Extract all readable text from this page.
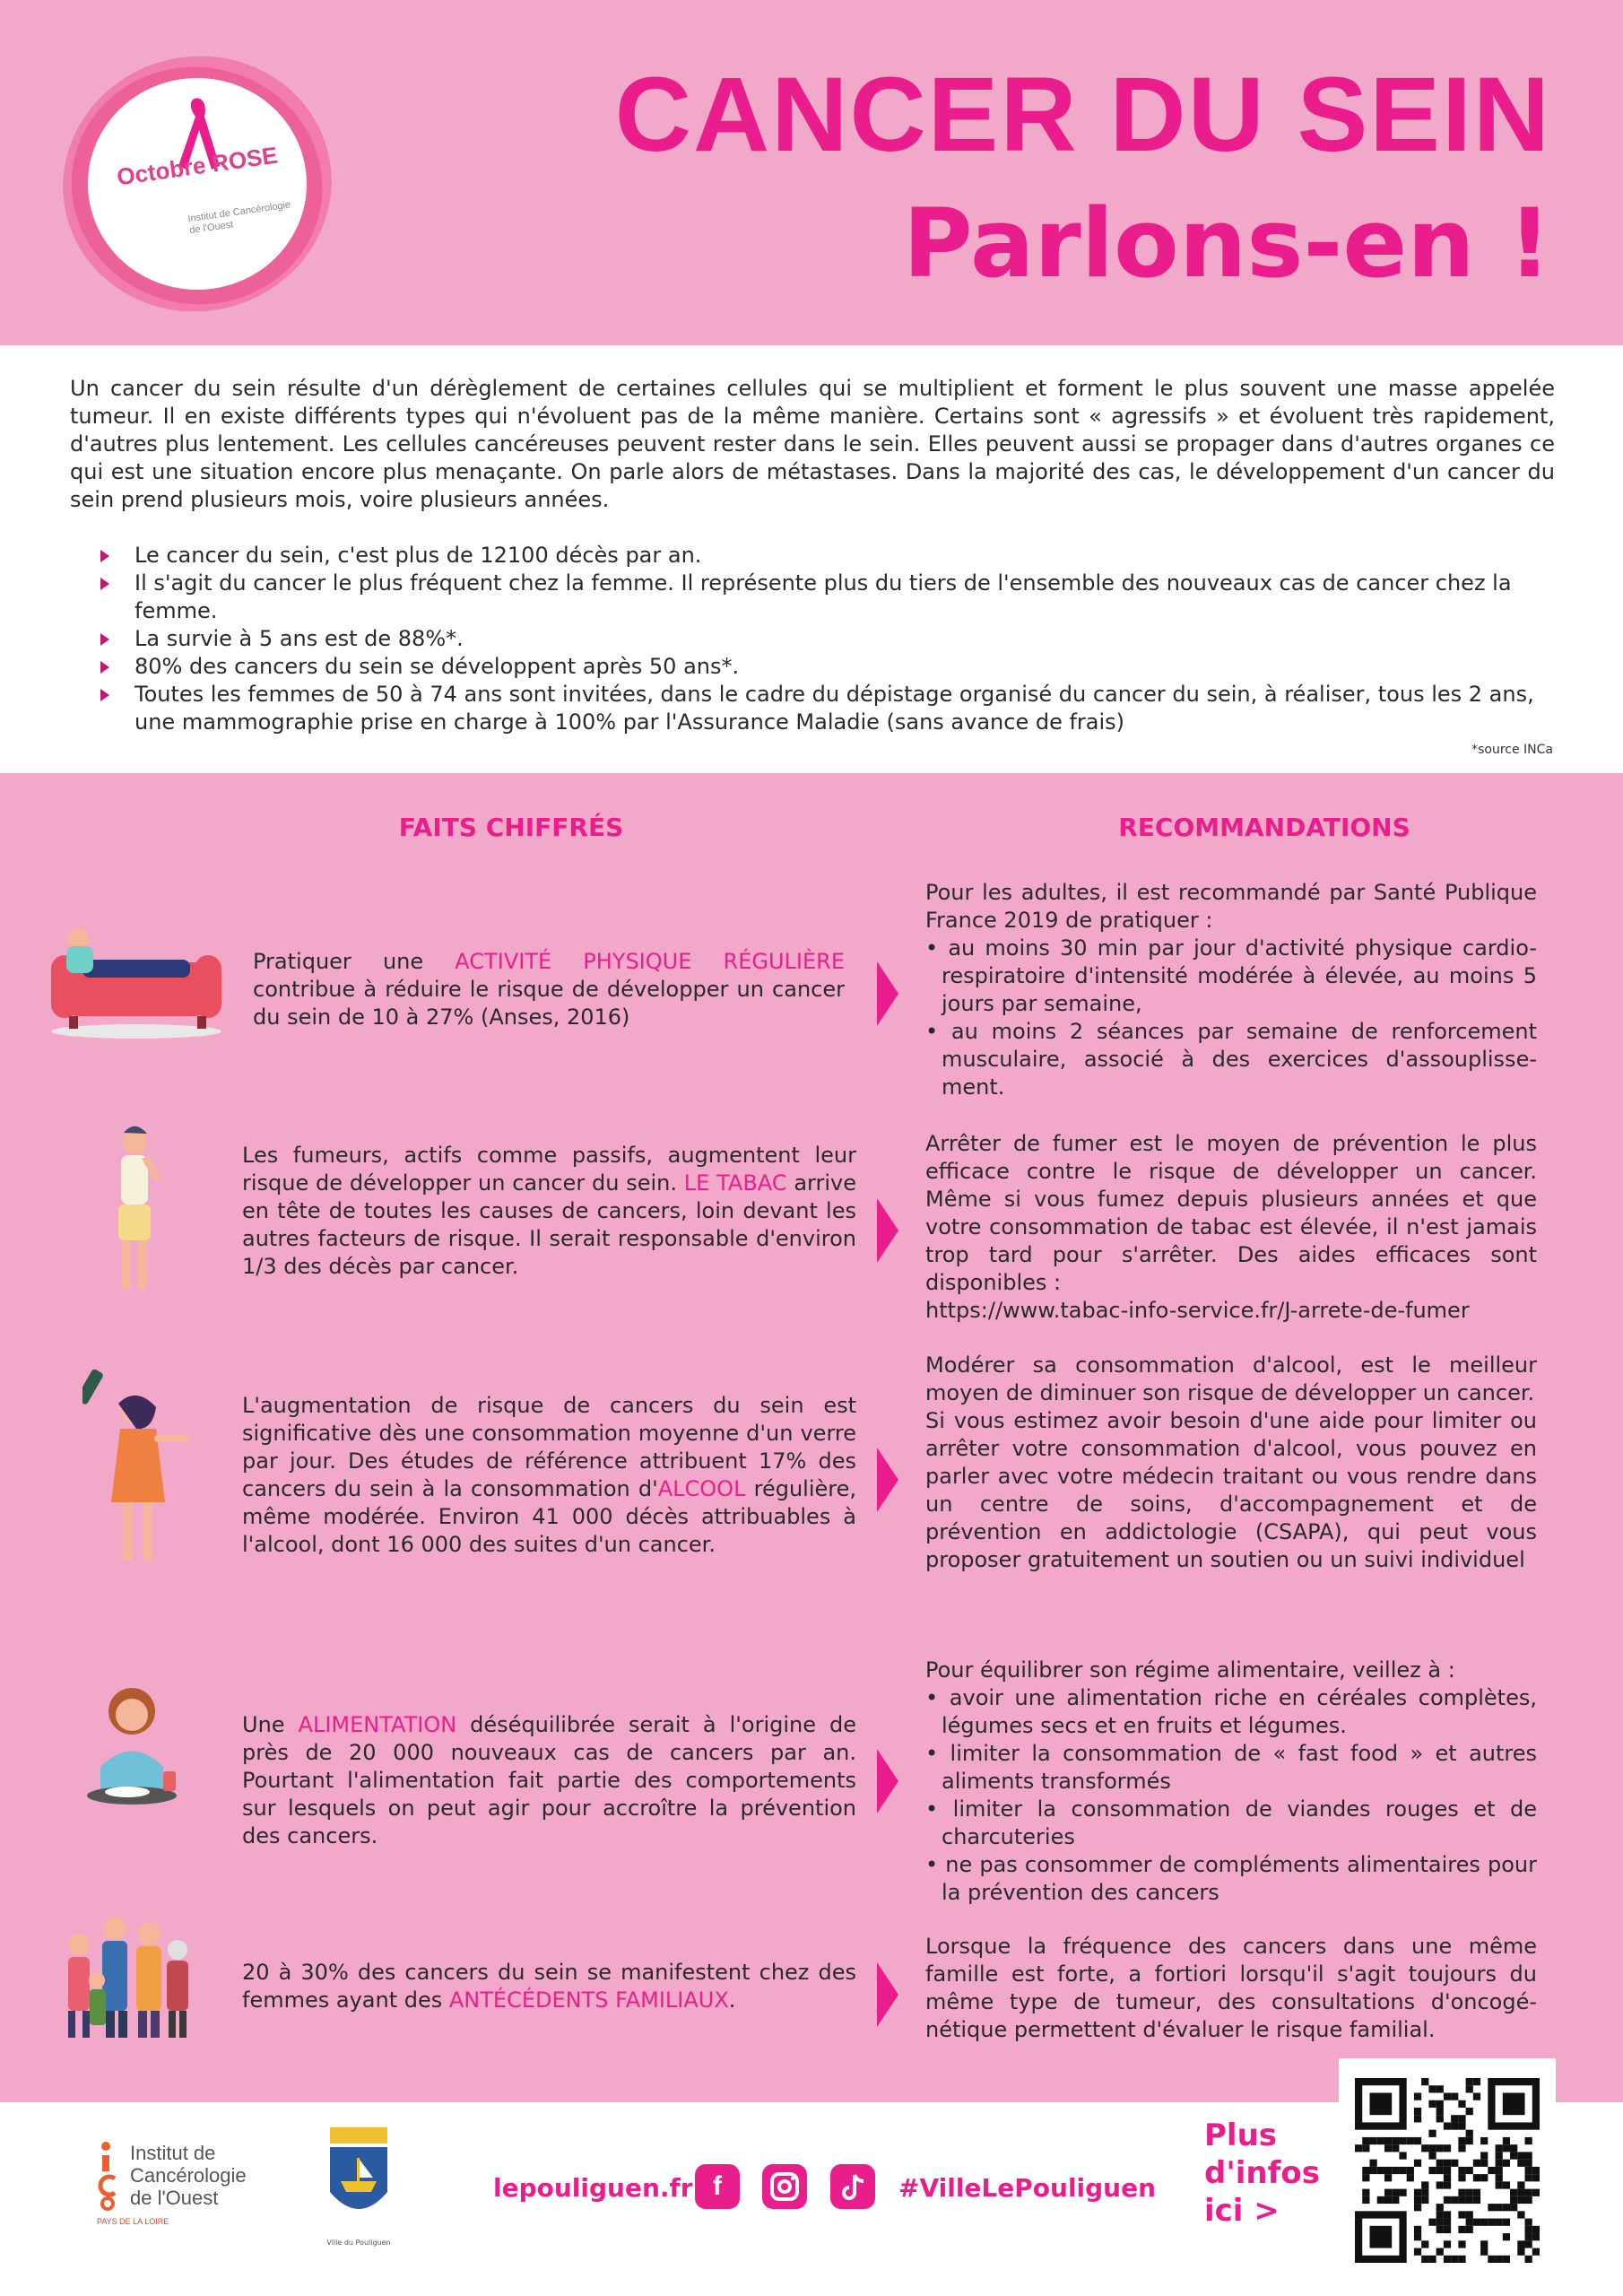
Octobre ROSE
Institut de Cancérologie de l'Ouest
CANCER DU SEIN
Parlons-en !

Un cancer du sein résulte d'un dérèglement de certaines cellules qui se multiplient et forment le plus souvent une masse appelée tumeur. Il en existe différents types qui n'évoluent pas de la même manière. Certains sont « agressifs » et évoluent très rapidement, d'autres plus lentement. Les cellules cancéreuses peuvent rester dans le sein. Elles peuvent aussi se propager dans d'autres organes ce qui est une situation encore plus menaçante. On parle alors de métastases. Dans la majorité des cas, le développement d'un cancer du sein prend plusieurs mois, voire plusieurs années.

Le cancer du sein, c'est plus de 12100 décès par an.
Il s'agit du cancer le plus fréquent chez la femme. Il représente plus du tiers de l'ensemble des nouveaux cas de cancer chez la femme.
La survie à 5 ans est de 88%*.
80% des cancers du sein se développent après 50 ans*.
Toutes les femmes de 50 à 74 ans sont invitées, dans le cadre du dépistage organisé du cancer du sein, à réaliser, tous les 2 ans, une mammographie prise en charge à 100% par l'Assurance Maladie (sans avance de frais)
*source INCa
FAITS CHIFFRÉS	RECOMMANDATIONS

Pratiquer une ACTIVITÉ PHYSIQUE RÉGULIÈRE contribue à réduire le risque de développer un cancer du sein de 10 à 27% (Anses, 2016)

Pour les adultes, il est recommandé par Santé Publique France 2019 de pratiquer :
• au moins 30 min par jour d'activité physique cardio-respiratoire d'intensité modérée à élevée, au moins 5 jours par semaine,
• au moins 2 séances par semaine de renforcement musculaire, associé à des exercices d'assouplisse-ment.

Les fumeurs, actifs comme passifs, augmentent leur risque de développer un cancer du sein. LE TABAC arrive en tête de toutes les causes de cancers, loin devant les autres facteurs de risque. Il serait responsable d'environ 1/3 des décès par cancer.

Arrêter de fumer est le moyen de prévention le plus efficace contre le risque de développer un cancer. Même si vous fumez depuis plusieurs années et que votre consommation de tabac est élevée, il n'est jamais trop tard pour s'arrêter. Des aides efficaces sont disponibles :
https://www.tabac-info-service.fr/J-arrete-de-fumer

L'augmentation de risque de cancers du sein est significative dès une consommation moyenne d'un verre par jour. Des études de référence attribuent 17% des cancers du sein à la consommation d'ALCOOL régulière, même modérée. Environ 41 000 décès attribuables à l'alcool, dont 16 000 des suites d'un cancer.

Modérer sa consommation d'alcool, est le meilleur moyen de diminuer son risque de développer un cancer.
Si vous estimez avoir besoin d'une aide pour limiter ou arrêter votre consommation d'alcool, vous pouvez en parler avec votre médecin traitant ou vous rendre dans un centre de soins, d'accompagnement et de prévention en addictologie (CSAPA), qui peut vous proposer gratuitement un soutien ou un suivi individuel

Une ALIMENTATION déséquilibrée serait à l'origine de près de 20 000 nouveaux cas de cancers par an. Pourtant l'alimentation fait partie des comportements sur lesquels on peut agir pour accroître la prévention des cancers.

Pour équilibrer son régime alimentaire, veillez à :
• avoir une alimentation riche en céréales complètes, légumes secs et en fruits et légumes.
• limiter la consommation de « fast food » et autres aliments transformés
• limiter la consommation de viandes rouges et de charcuteries
• ne pas consommer de compléments alimentaires pour la prévention des cancers

20 à 30% des cancers du sein se manifestent chez des femmes ayant des ANTÉCÉDENTS FAMILIAUX.

Lorsque la fréquence des cancers dans une même famille est forte, a fortiori lorsqu'il s'agit toujours du même type de tumeur, des consultations d'oncogé-nétique permettent d'évaluer le risque familial.
Institut de
Cancérologie
de l'Ouest
PAYS DE LA LOIRE
Ville du Pouliguen
lepouliguen.fr f	#VilleLePouliguen
Plus
d'infos
ici >
